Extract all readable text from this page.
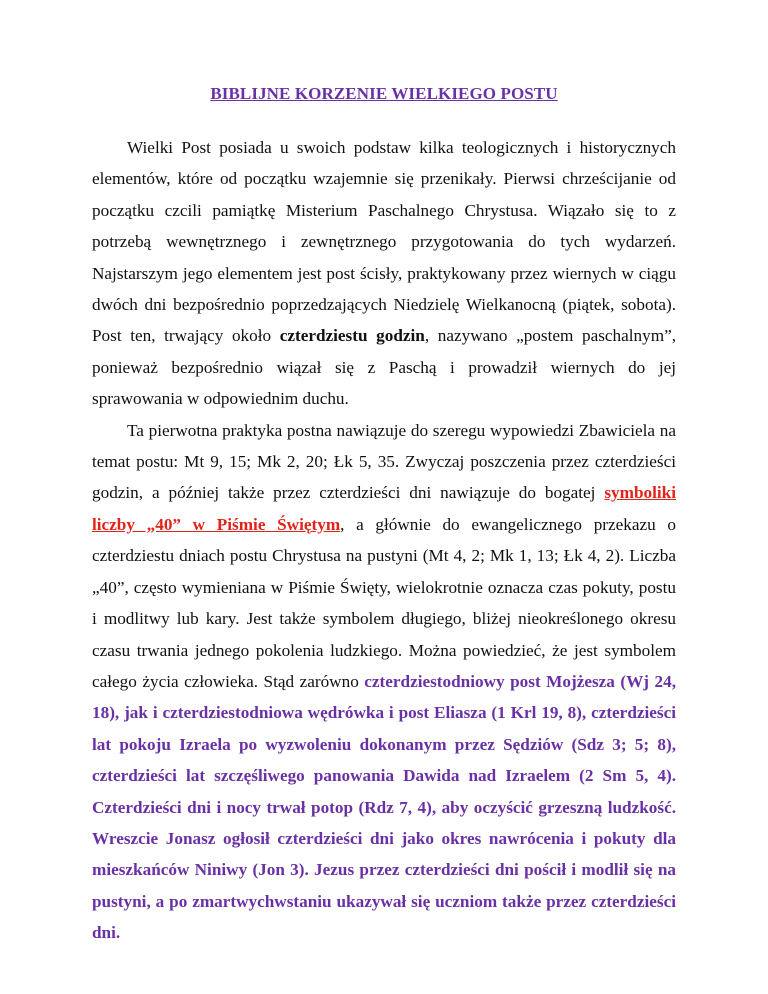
BIBLIJNE KORZENIE WIELKIEGO POSTU

Wielki Post posiada u swoich podstaw kilka teologicznych i historycznych elementów, które od początku wzajemnie się przenikały. Pierwsi chrześcijanie od początku czcili pamiątkę Misterium Paschalnego Chrystusa. Wiązało się to z potrzebą wewnętrznego i zewnętrznego przygotowania do tych wydarzeń. Najstarszym jego elementem jest post ścisły, praktykowany przez wiernych w ciągu dwóch dni bezpośrednio poprzedzających Niedzielę Wielkanocną (piątek, sobota). Post ten, trwający około czterdziestu godzin, nazywano „postem paschalnym”, ponieważ bezpośrednio wiązał się z Paschą i prowadził wiernych do jej sprawowania w odpowiednim duchu.

Ta pierwotna praktyka postna nawiązuje do szeregu wypowiedzi Zbawiciela na temat postu: Mt 9, 15; Mk 2, 20; Łk 5, 35. Zwyczaj poszczenia przez czterdzieści godzin, a później także przez czterdzieści dni nawiązuje do bogatej symboliki liczby „40” w Piśmie Świętym, a głównie do ewangelicznego przekazu o czterdziestu dniach postu Chrystusa na pustyni (Mt 4, 2; Mk 1, 13; Łk 4, 2). Liczba „40”, często wymieniana w Piśmie Święty, wielokrotnie oznacza czas pokuty, postu i modlitwy lub kary. Jest także symbolem długiego, bliżej nieokreślonego okresu czasu trwania jednego pokolenia ludzkiego. Można powiedzieć, że jest symbolem całego życia człowieka. Stąd zarówno czterdziestodniowy post Mojżesza (Wj 24, 18), jak i czterdziestodniowa wędrówka i post Eliasza (1 Krl 19, 8), czterdzieści lat pokoju Izraela po wyzwoleniu dokonanym przez Sędziów (Sdz 3; 5; 8), czterdzieści lat szczęśliwego panowania Dawida nad Izraelem (2 Sm 5, 4). Czterdzieści dni i nocy trwał potop (Rdz 7, 4), aby oczyścić grzeszną ludzkość. Wreszcie Jonasz ogłosił czterdzieści dni jako okres nawrócenia i pokuty dla mieszkańców Niniwy (Jon 3). Jezus przez czterdzieści dni pościł i modlił się na pustyni, a po zmartwychwstaniu ukazywał się uczniom także przez czterdzieści dni.
